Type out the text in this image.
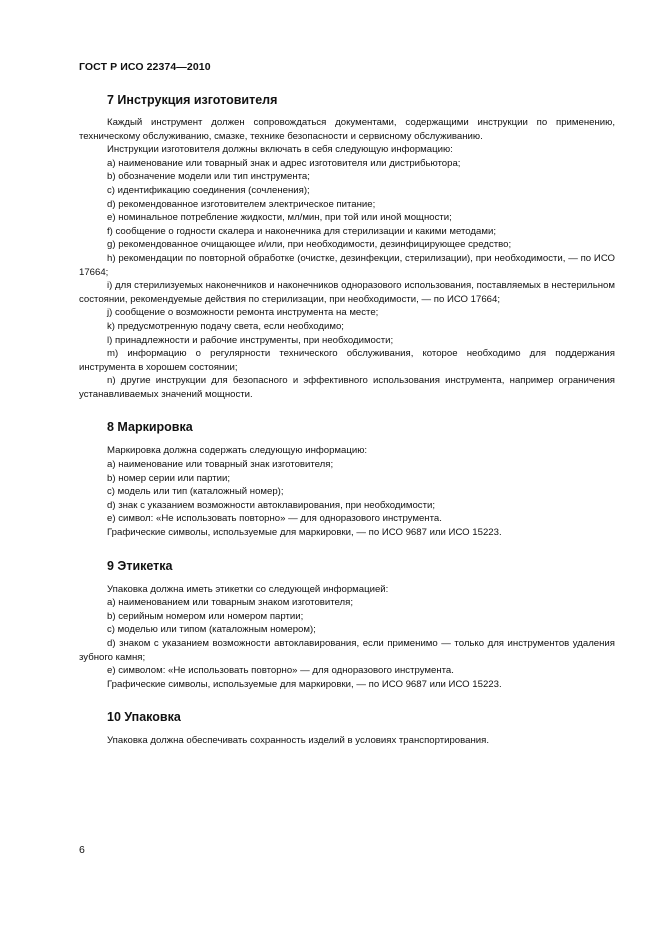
ГОСТ Р ИСО 22374—2010
7 Инструкция изготовителя

Каждый инструмент должен сопровождаться документами, содержащими инструкции по применению, техническому обслуживанию, смазке, технике безопасности и сервисному обслуживанию.

Инструкции изготовителя должны включать в себя следующую информацию:

а) наименование или товарный знак и адрес изготовителя или дистрибьютора;

b) обозначение модели или тип инструмента;

с) идентификацию соединения (сочленения);

d) рекомендованное изготовителем электрическое питание;

е) номинальное потребление жидкости, мл/мин, при той или иной мощности;

f) сообщение о годности скалера и наконечника для стерилизации и какими методами;

g) рекомендованное очищающее и/или, при необходимости, дезинфицирующее средство;

h) рекомендации по повторной обработке (очистке, дезинфекции, стерилизации), при необходимости, — по ИСО 17664;

i) для стерилизуемых наконечников и наконечников одноразового использования, поставляемых в нестерильном состоянии, рекомендуемые действия по стерилизации, при необходимости, — по ИСО 17664;

j) сообщение о возможности ремонта инструмента на месте;

k) предусмотренную подачу света, если необходимо;

l) принадлежности и рабочие инструменты, при необходимости;

m) информацию о регулярности технического обслуживания, которое необходимо для поддержания инструмента в хорошем состоянии;

n) другие инструкции для безопасного и эффективного использования инструмента, например ограничения устанавливаемых значений мощности.

8 Маркировка

Маркировка должна содержать следующую информацию:

а) наименование или товарный знак изготовителя;

b) номер серии или партии;

с) модель или тип (каталожный номер);

d) знак с указанием возможности автоклавирования, при необходимости;

е) символ: «Не использовать повторно» — для одноразового инструмента.

Графические символы, используемые для маркировки, — по ИСО 9687 или ИСО 15223.

9 Этикетка

Упаковка должна иметь этикетки со следующей информацией:

а) наименованием или товарным знаком изготовителя;

b) серийным номером или номером партии;

с) моделью или типом (каталожным номером);

d) знаком с указанием возможности автоклавирования, если применимо — только для инструментов удаления зубного камня;

е) символом: «Не использовать повторно» — для одноразового инструмента.

Графические символы, используемые для маркировки, — по ИСО 9687 или ИСО 15223.

10 Упаковка

Упаковка должна обеспечивать сохранность изделий в условиях транспортирования.

6
